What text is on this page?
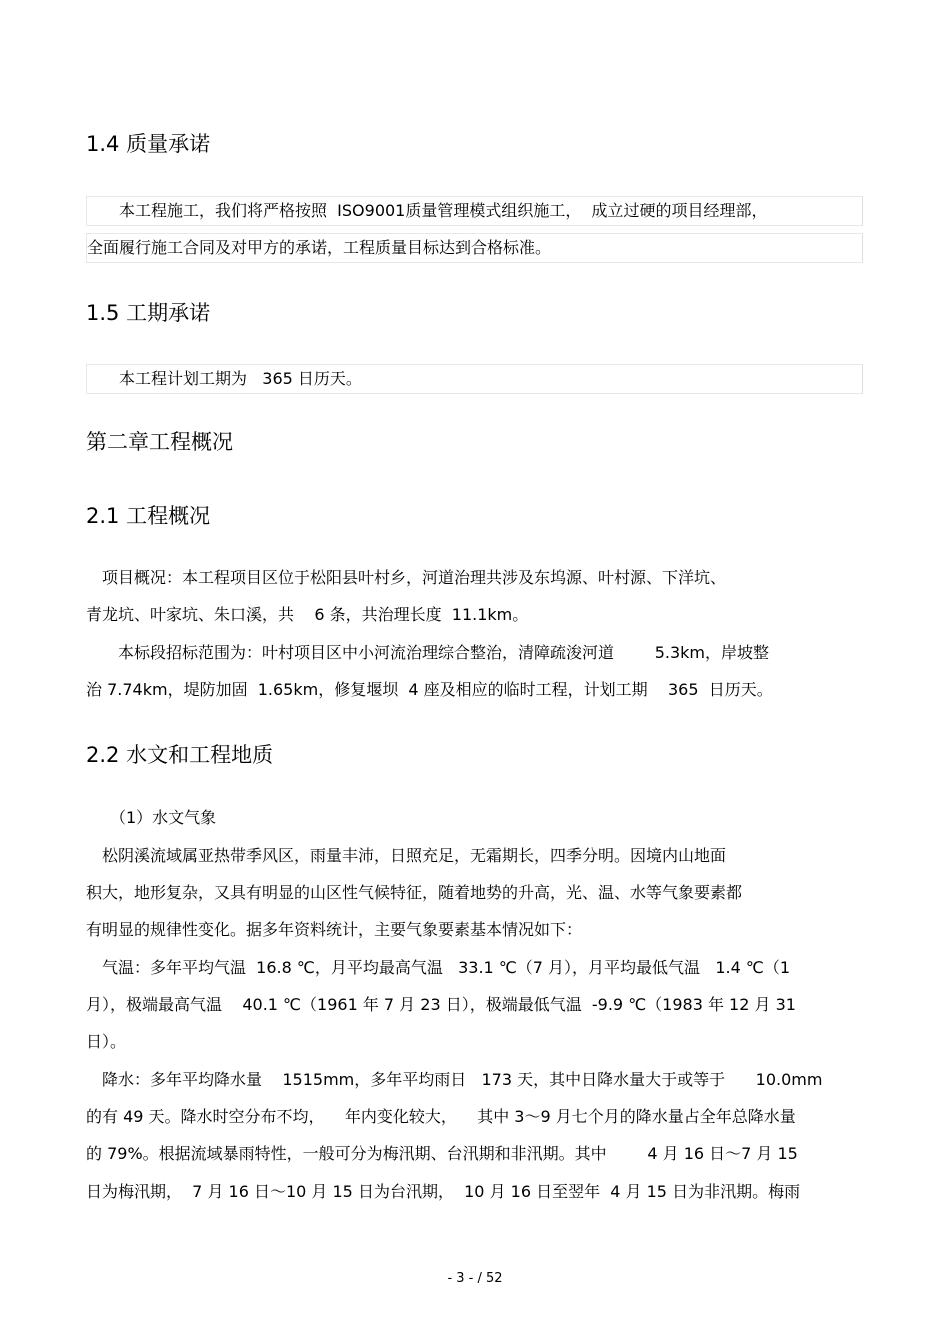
1.4 质量承诺

　　本工程施工，我们将严格按照  ISO9001质量管理模式组织施工，  成立过硬的项目经理部，

全面履行施工合同及对甲方的承诺，工程质量目标达到合格标准。

1.5 工期承诺

　　本工程计划工期为   365 日历天。

第二章工程概况
2.1 工程概况

　项目概况：本工程项目区位于松阳县叶村乡，河道治理共涉及东坞源、叶村源、下洋坑、

青龙坑、叶家坑、朱口溪，共    6 条，共治理长度  11.1km。

　　本标段招标范围为：叶村项目区中小河流治理综合整治，清障疏浚河道        5.3km，岸坡整

治 7.74km，堤防加固  1.65km，修复堰坝  4 座及相应的临时工程，计划工期    365  日历天。

2.2 水文和工程地质

　　（1）水文气象

　松阴溪流域属亚热带季风区，雨量丰沛，日照充足，无霜期长，四季分明。因境内山地面

积大，地形复杂，又具有明显的山区性气候特征，随着地势的升高，光、温、水等气象要素都

有明显的规律性变化。据多年资料统计，主要气象要素基本情况如下：

　气温：多年平均气温  16.8 ℃，月平均最高气温   33.1 ℃（7 月），月平均最低气温   1.4 ℃（1

月），极端最高气温    40.1 ℃（1961 年 7 月 23 日），极端最低气温  -9.9 ℃（1983 年 12 月 31

日）。

　降水：多年平均降水量    1515mm，多年平均雨日   173 天，其中日降水量大于或等于      10.0mm

的有 49 天。降水时空分布不均，    年内变化较大，    其中 3～9 月七个月的降水量占全年总降水量

的 79%。根据流域暴雨特性，一般可分为梅汛期、台汛期和非汛期。其中        4 月 16 日～7 月 15

日为梅汛期，  7 月 16 日～10 月 15 日为台汛期，  10 月 16 日至翌年  4 月 15 日为非汛期。梅雨

- 3 - / 52
